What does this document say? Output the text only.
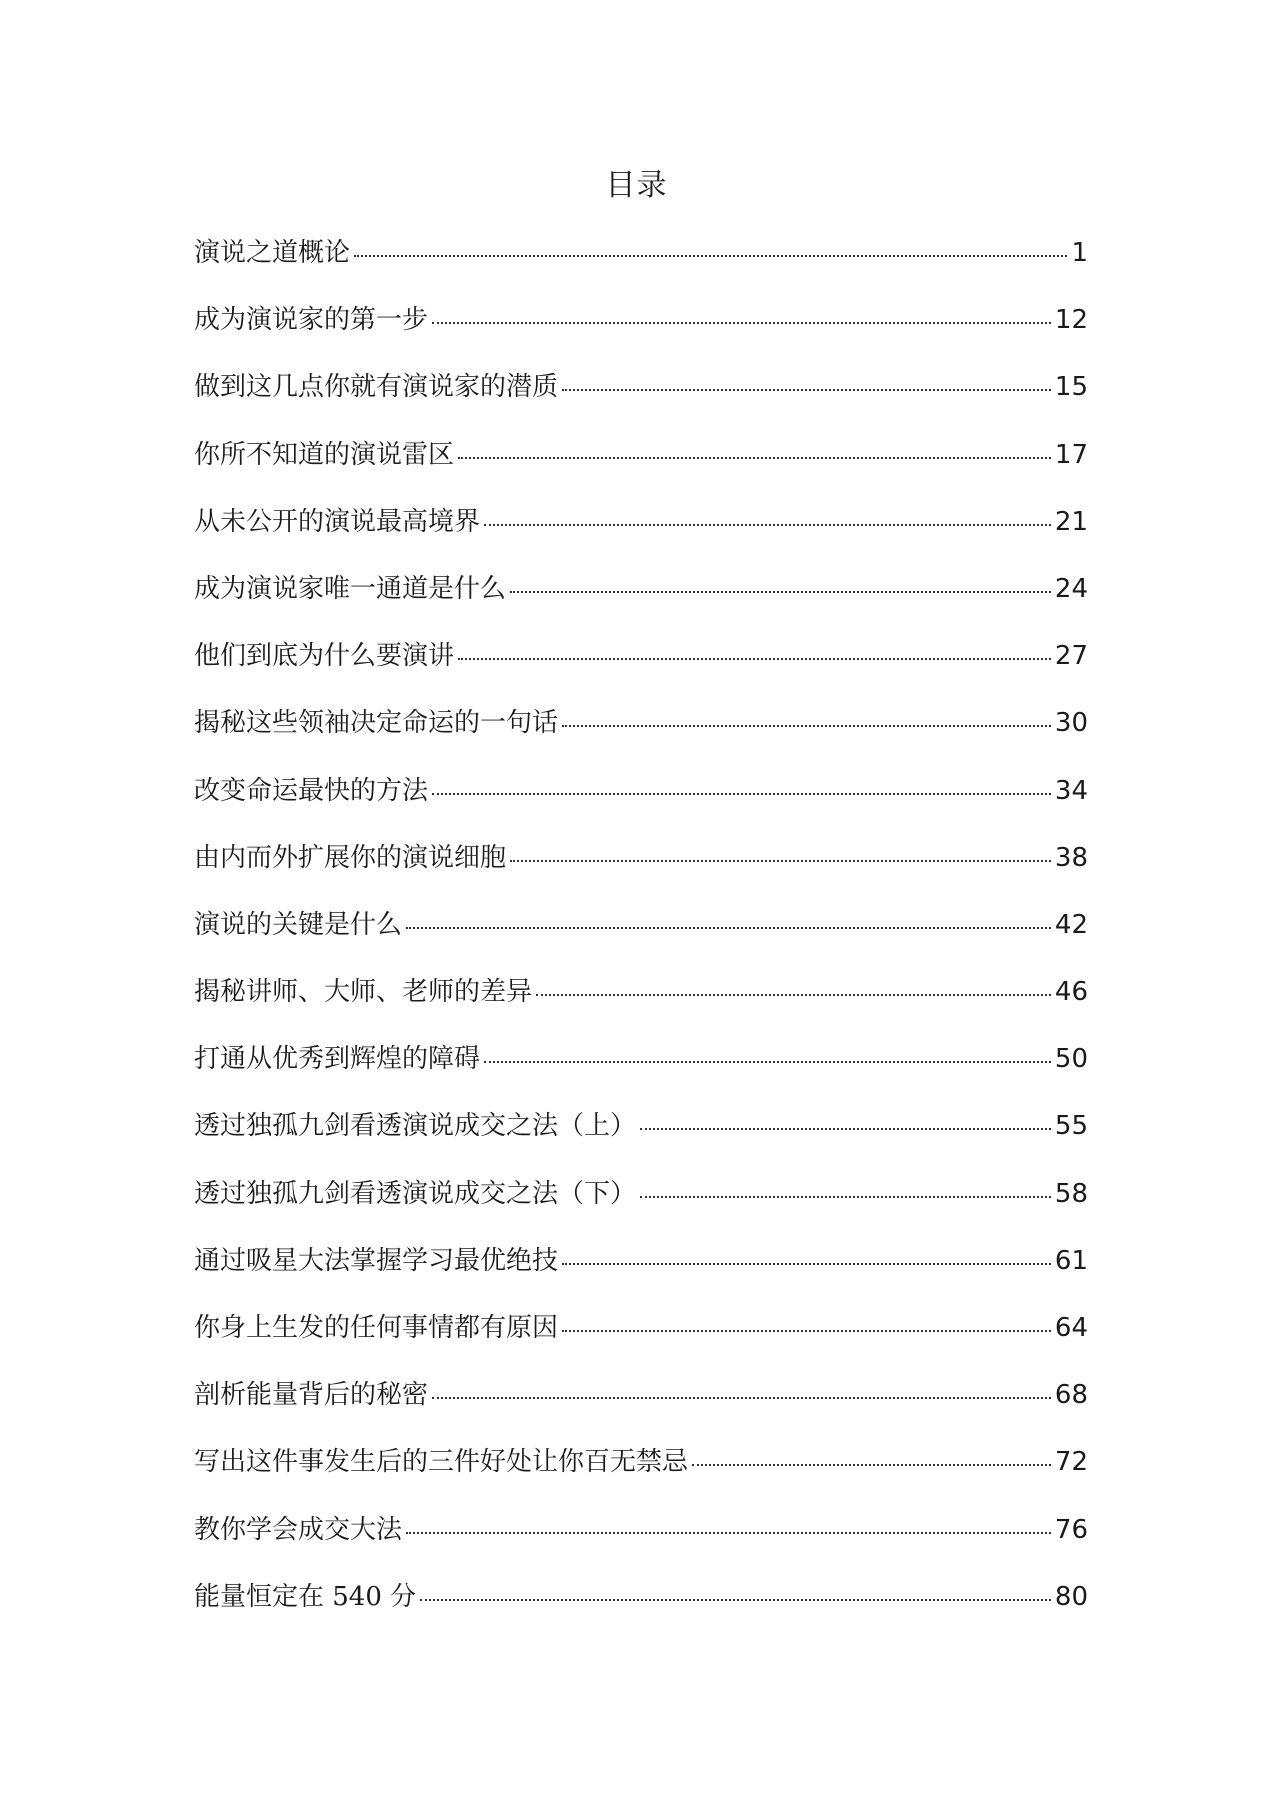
目录
演说之道概论	1
成为演说家的第一步	12
做到这几点你就有演说家的潜质	15
你所不知道的演说雷区	17
从未公开的演说最高境界	21
成为演说家唯一通道是什么	24
他们到底为什么要演讲	27
揭秘这些领袖决定命运的一句话	30
改变命运最快的方法	34
由内而外扩展你的演说细胞	38
演说的关键是什么	42
揭秘讲师、大师、老师的差异	46
打通从优秀到辉煌的障碍	50
透过独孤九剑看透演说成交之法（上）	55
透过独孤九剑看透演说成交之法（下）	58
通过吸星大法掌握学习最优绝技	61
你身上生发的任何事情都有原因	64
剖析能量背后的秘密	68
写出这件事发生后的三件好处让你百无禁忌	72
教你学会成交大法	76
能量恒定在 540 分	80
